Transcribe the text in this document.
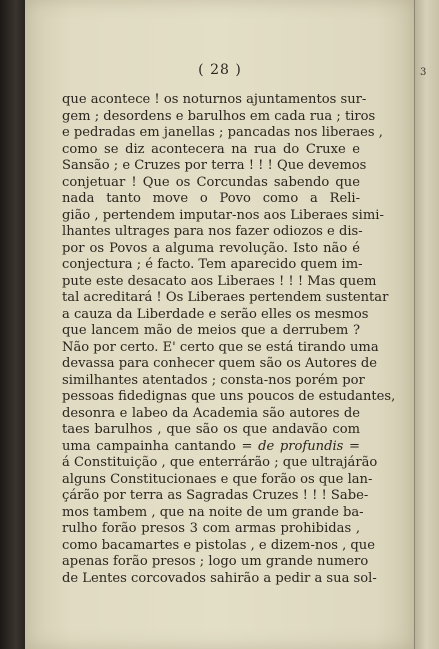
( 28 )
que acontece ! os noturnos ajuntamentos sur-
gem ; desordens e barulhos em cada rua ; tiros
e pedradas em janellas ; pancadas nos liberaes ,
como se diz acontecera na rua do Cruxe e
Sansão ; e Cruzes por terra ! ! ! Que devemos
conjetuar ! Que os Corcundas sabendo que
nada tanto move o Povo como a Reli-
gião , pertendem imputar-nos aos Liberaes simi-
lhantes ultrages para nos fazer odiozos e dis-
por os Povos a alguma revolução. Isto não é
conjectura ; é facto. Tem aparecido quem im-
pute este desacato aos Liberaes ! ! ! Mas quem
tal acreditará ! Os Liberaes pertendem sustentar
a cauza da Liberdade e serão elles os mesmos
que lancem mão de meios que a derrubem ?
Não por certo. E' certo que se está tirando uma
devassa para conhecer quem são os Autores de
similhantes atentados ; consta-nos porém por
pessoas fidedignas que uns poucos de estudantes,
desonra e labeo da Academia são autores de
taes barulhos , que são os que andavão com
uma campainha cantando = de profundis =
á Constituição , que enterrárão ; que ultrajárão
alguns Constitucionaes e que forão os que lan-
çárão por terra as Sagradas Cruzes ! ! ! Sabe-
mos tambem , que na noite de um grande ba-
rulho forão presos 3 com armas prohibidas ,
como bacamartes e pistolas , e dizem-nos , que
apenas forão presos ; logo um grande numero
de Lentes corcovados sahirão a pedir a sua sol-
3
